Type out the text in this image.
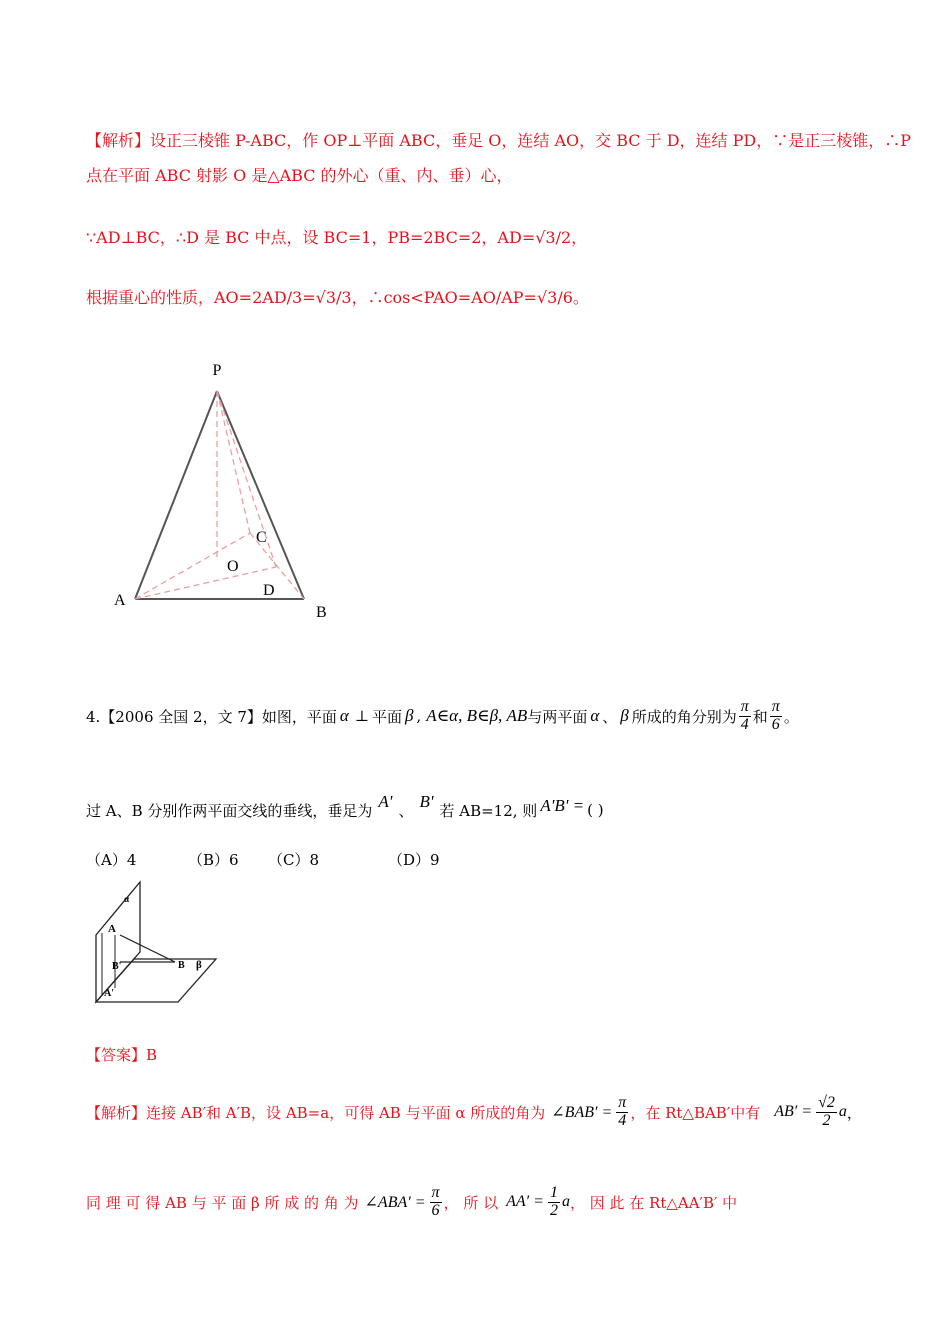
【解析】设正三棱锥 P-ABC，作 OP⊥平面 ABC，垂足 O，连结 AO，交 BC 于 D，连结 PD，∵是正三棱锥，∴P
点在平面 ABC 射影 O 是△ABC 的外心（重、内、垂）心，
∵AD⊥BC，∴D 是 BC 中点，设 BC=1，PB=2BC=2，AD=√3/2，
根据重心的性质，AO=2AD/3=√3/3，∴cos<PAO=AO/AP=√3/6。
P
A
B
C
O
D
4.【2006 全国 2，文 7】如图，平面 α ⊥ 平面 β , A∈α, B∈β, AB 与两平面 α 、 β 所成的角分别为 $\frac{\pi}{4}$ 和 $\frac{\pi}{6}$ 。
过 A、B 分别作两平面交线的垂线，垂足为 A' 、 B' 若 AB=12, 则 A'B' = ( )
（A）4	（B）6 （C）8	（D）9
α
A
B'	B β
A'
【答案】B
【解析】连接 AB′和 A′B，设 AB=a，可得 AB 与平面 α 所成的角为 ∠BAB′ = $\frac{\pi}{4}$ ，在 Rt△BAB′中有 $AB' = \frac{√2}{2}$ a ，
同 理 可 得 AB 与 平 面 β 所 成 的 角 为 ∠ABA′ = $\frac{\pi}{6}$ ， 所 以 $AA' = \frac{1}{2}$ a ， 因 此 在 Rt△AA′B′ 中
